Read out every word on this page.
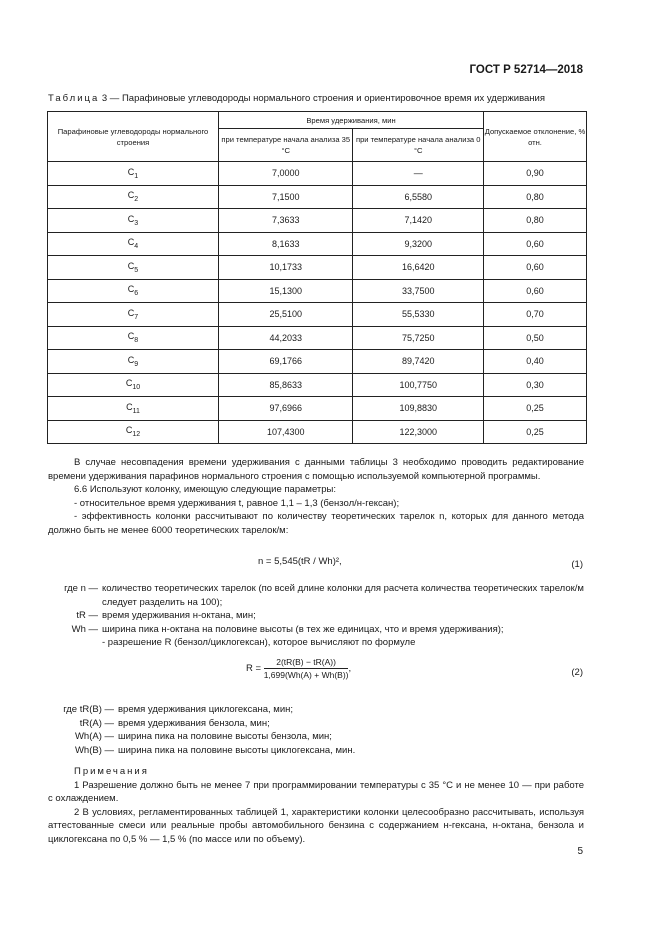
ГОСТ Р 52714—2018
Таблица 3 — Парафиновые углеводороды нормального строения и ориентировочное время их удерживания
Парафиновые углеводороды нормального строения	Время удерживания, мин		Допускаемое отклонение, % отн.
	при температуре начала анализа 35 °С	при температуре начала анализа 0 °С	
$C_1$	7,0000	—	0,90
$C_2$	7,1500	6,5580	0,80
$C_3$	7,3633	7,1420	0,80
$C_4$	8,1633	9,3200	0,60
$C_5$	10,1733	16,6420	0,60
$C_6$	15,1300	33,7500	0,60
$C_7$	25,5100	55,5330	0,70
$C_8$	44,2033	75,7250	0,50
$C_9$	69,1766	89,7420	0,40
$C_{10}$	85,8633	100,7750	0,30
$C_{11}$	97,6966	109,8830	0,25
$C_{12}$	107,4300	122,3000	0,25
В случае несовпадения времени удерживания с данными таблицы 3 необходимо проводить редактирование времени удерживания парафинов нормального строения с помощью используемой компьютерной программы.
6.6 Используют колонку, имеющую следующие параметры:
- относительное время удерживания t, равное 1,1 – 1,3 (бензол/н-гексан);
- эффективность колонки рассчитывают по количеству теоретических тарелок n, которых для данного метода должно быть не менее 6000 теоретических тарелок/м:
n = 5,545(tR / Wh)²,	(1)
где n — количество теоретических тарелок (по всей длине колонки для расчета количества теоретических тарелок/м следует разделить на 100);
tR — время удерживания н-октана, мин;
Wh — ширина пика н-октана на половине высоты (в тех же единицах, что и время удерживания);
- разрешение R (бензол/циклогексан), которое вычисляют по формуле
$R = \frac{2(tR(B) - tR(A))}{1,699(Wh(A) + Wh(B))}$ ,	(2)
где tR(B) — время удерживания циклогексана, мин;
tR(A) — время удерживания бензола, мин;
Wh(A) — ширина пика на половине высоты бензола, мин;
Wh(B) — ширина пика на половине высоты циклогексана, мин.
Примечания
1 Разрешение должно быть не менее 7 при программировании температуры с 35 °С и не менее 10 — при работе с охлаждением.
2 В условиях, регламентированных таблицей 1, характеристики колонки целесообразно рассчитывать, используя аттестованные смеси или реальные пробы автомобильного бензина с содержанием н-гексана, н-октана, бензола и циклогексана по 0,5 % — 1,5 % (по массе или по объему).
5
